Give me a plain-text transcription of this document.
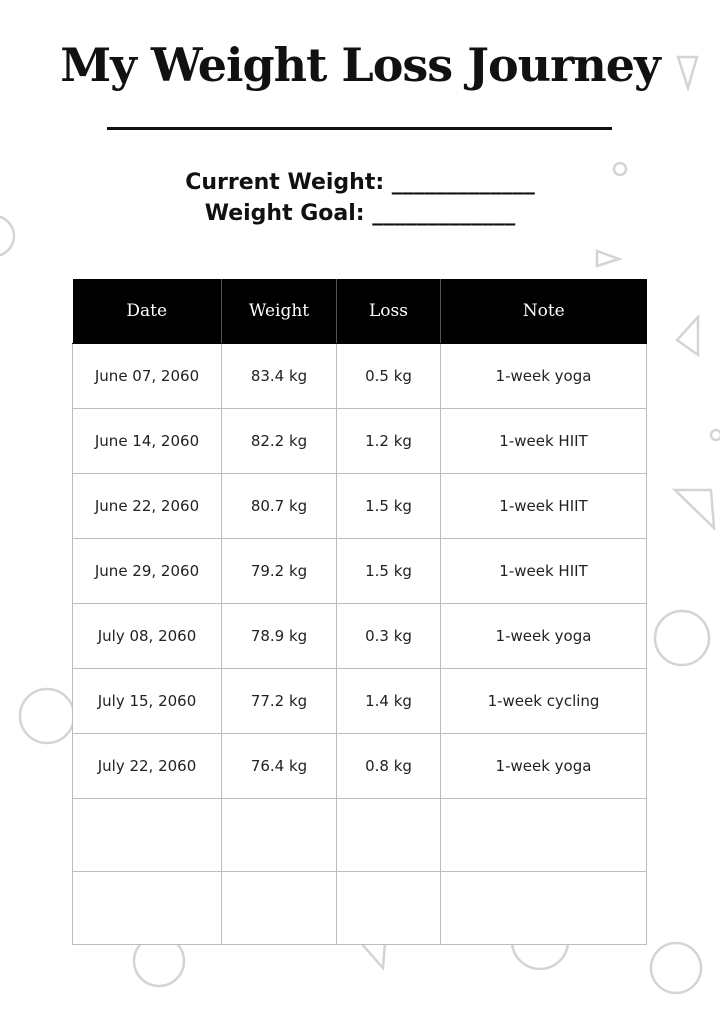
My Weight Loss Journey
Current Weight: _____________
Weight Goal: _____________
Date	Weight	Loss	Note
June 07, 2060	83.4 kg	0.5 kg	1-week yoga
June 14, 2060	82.2 kg	1.2 kg	1-week HIIT
June 22, 2060	80.7 kg	1.5 kg	1-week HIIT
June 29, 2060	79.2 kg	1.5 kg	1-week HIIT
July 08, 2060	78.9 kg	0.3 kg	1-week yoga
July 15, 2060	77.2 kg	1.4 kg	1-week cycling
July 22, 2060	76.4 kg	0.8 kg	1-week yoga
